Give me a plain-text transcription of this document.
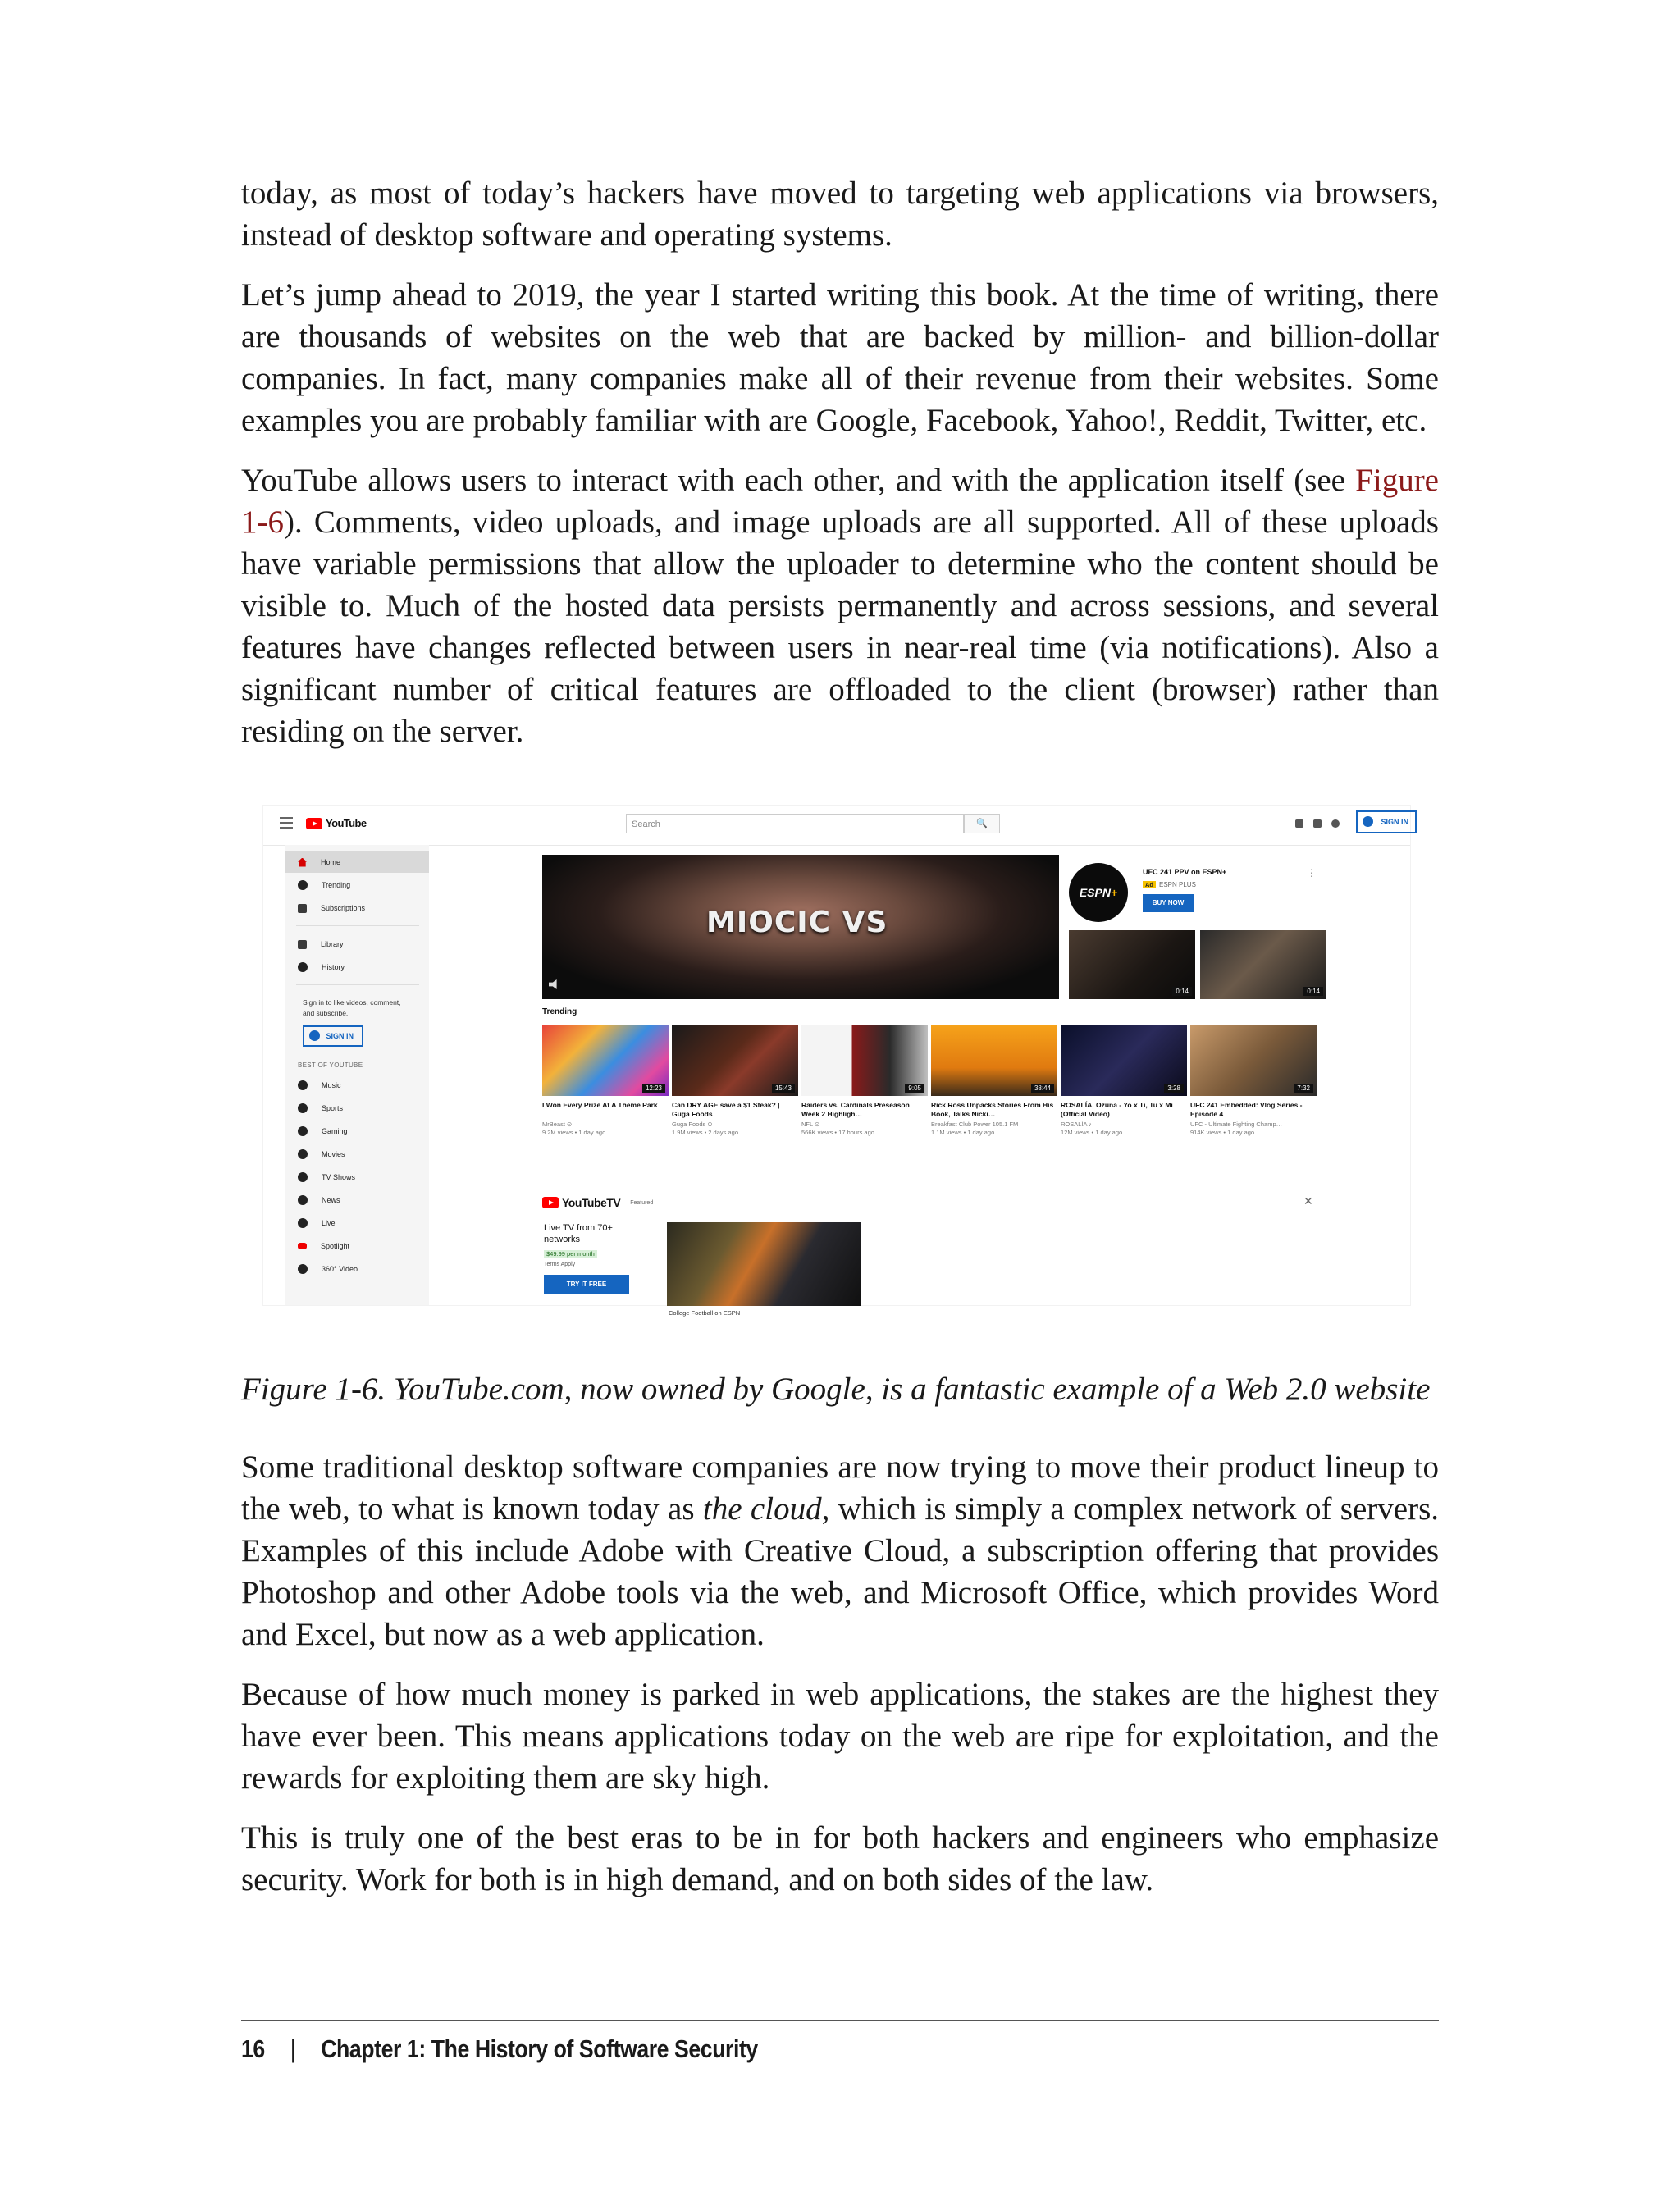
today, as most of today’s hackers have moved to targeting web applications via browsers, instead of desktop software and operating systems.

Let’s jump ahead to 2019, the year I started writing this book. At the time of writing, there are thousands of websites on the web that are backed by million- and billion-dollar companies. In fact, many companies make all of their revenue from their websites. Some examples you are probably familiar with are Google, Facebook, Yahoo!, Reddit, Twitter, etc.

YouTube allows users to interact with each other, and with the application itself (see Figure 1-6). Comments, video uploads, and image uploads are all supported. All of these uploads have variable permissions that allow the uploader to determine who the content should be visible to. Much of the hosted data persists permanently and across sessions, and several features have changes reflected between users in near-real time (via notifications). Also a significant number of critical features are offloaded to the client (browser) rather than residing on the server.

YouTube	Search	🔍	SIGN IN
Home
Trending
Subscriptions
Library
History
Sign in to like videos, comment, and subscribe.
SIGN IN
BEST OF YOUTUBE
Music
Sports
Gaming
Movies
TV Shows
News
Live
Spotlight
360° Video
MIOCIC VS
ESPN+
UFC 241 PPV on ESPN+
Ad ESPN PLUS
BUY NOW
⋮
0:14	0:14
Trending
12:23	15:43	9:05	38:44	3:28	7:32
I Won Every Prize At A Theme Park	Can DRY AGE save a $1 Steak? | Guga Foods
Raiders vs. Cardinals Preseason Week 2 Highligh…
Rick Ross Unpacks Stories From His Book, Talks Nicki…
ROSALÍA, Ozuna - Yo x Ti, Tu x Mi (Official Video)
UFC 241 Embedded: Vlog Series - Episode 4
MrBeast ⊙
9.2M views • 1 day ago
Guga Foods ⊙
1.9M views • 2 days ago
NFL ⊙
566K views • 17 hours ago
Breakfast Club Power 105.1 FM
1.1M views • 1 day ago
ROSALÍA ♪
12M views • 1 day ago
UFC - Ultimate Fighting Champ…
914K views • 1 day ago
YouTubeTV Featured	✕
Live TV from 70+ networks
$49.99 per month
Terms Apply
TRY IT FREE
College Football on ESPN

Figure 1-6. YouTube.com, now owned by Google, is a fantastic example of a Web 2.0 website

Some traditional desktop software companies are now trying to move their product lineup to the web, to what is known today as the cloud, which is simply a complex network of servers. Examples of this include Adobe with Creative Cloud, a subscription offering that provides Photoshop and other Adobe tools via the web, and Microsoft Office, which provides Word and Excel, but now as a web application.

Because of how much money is parked in web applications, the stakes are the highest they have ever been. This means applications today on the web are ripe for exploitation, and the rewards for exploiting them are sky high.

This is truly one of the best eras to be in for both hackers and engineers who emphasize security. Work for both is in high demand, and on both sides of the law.

16 | Chapter 1: The History of Software Security
